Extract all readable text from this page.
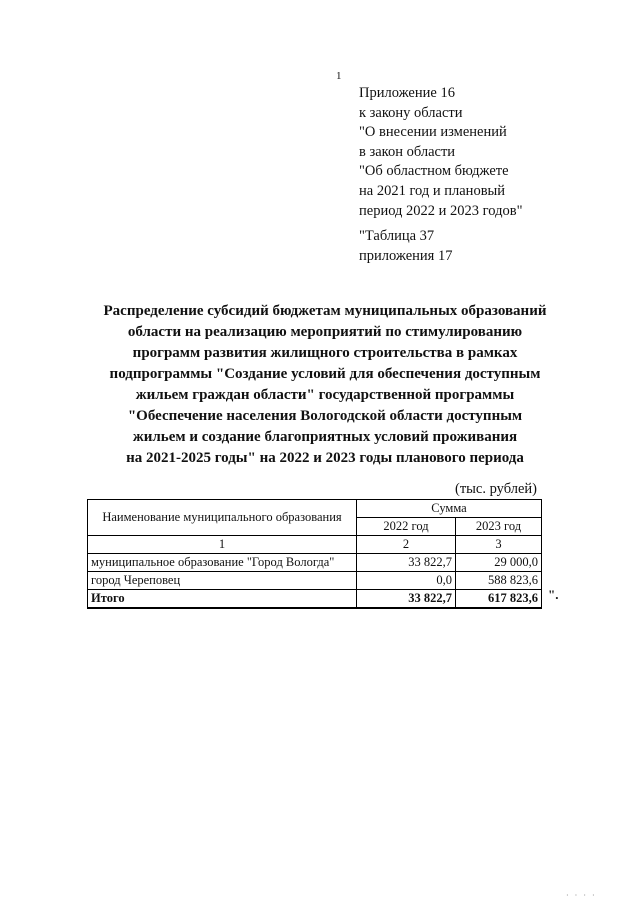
1
Приложение 16
к закону области
"О внесении изменений
в закон области
"Об областном бюджете
на 2021 год и плановый
период 2022 и 2023 годов"
"Таблица 37
приложения 17
Распределение субсидий бюджетам муниципальных образований
области на реализацию мероприятий по стимулированию
программ развития жилищного строительства в рамках
подпрограммы "Создание условий для обеспечения доступным
жильем граждан области" государственной программы
"Обеспечение населения Вологодской области доступным
жильем и создание благоприятных условий проживания
на 2021-2025 годы" на 2022 и 2023 годы планового периода
(тыс. рублей)
Наименование муниципального образования	Сумма	
	2022 год	2023 год
1	2	3
муниципальное образование "Город Вологда"	33 822,7	29 000,0
город Череповец	0,0	588 823,6
Итого	33 822,7	617 823,6 ".
· · · ·
